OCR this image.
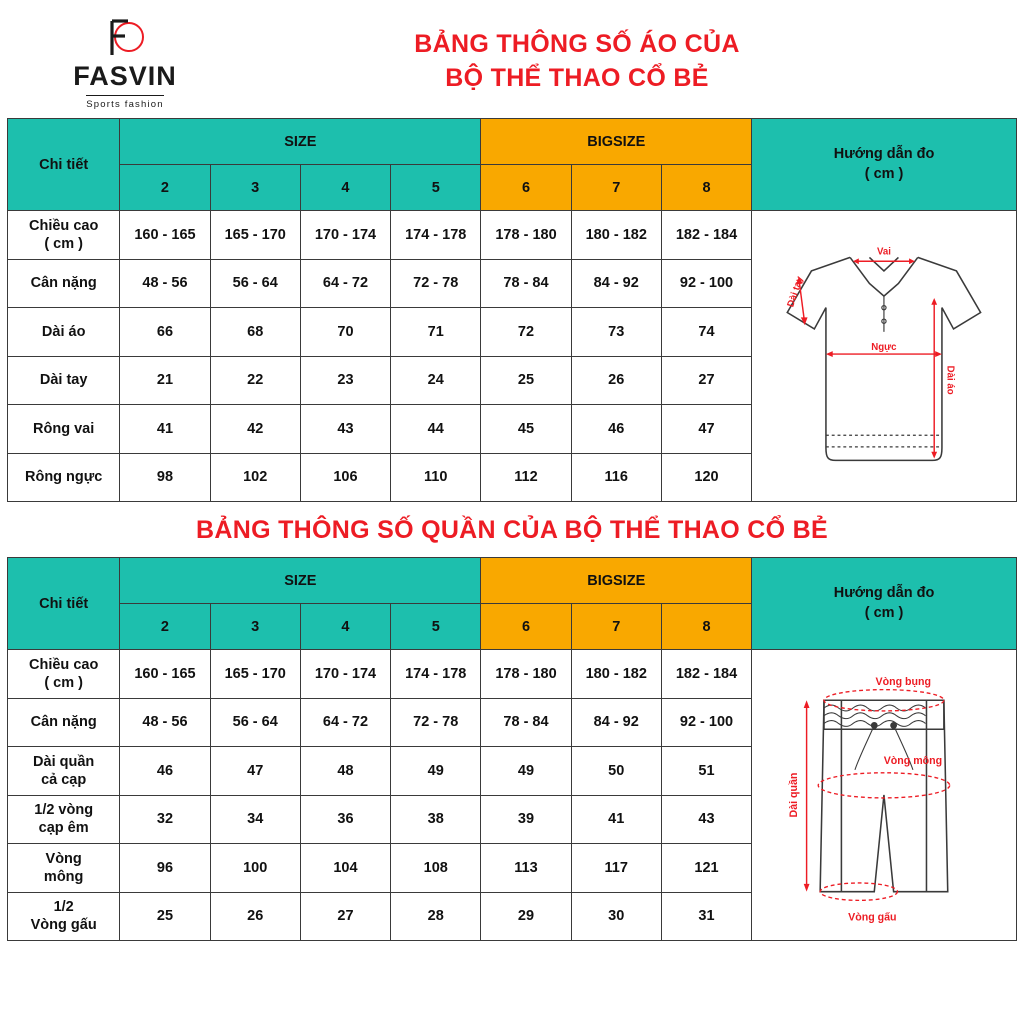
FASVIN
Sports fashion
BẢNG THÔNG SỐ ÁO CỦA
BỘ THỂ THAO CỔ BẺ
Chi tiết	SIZE				BIGSIZE			Hướng dẫn đo
( cm )

	2	3	4	5	6	7	8	

Chiều cao
( cm )
	160 - 165	165 - 170	170 - 174	174 - 178	178 - 180	180 - 182	182 - 184	
Dài tay
Vai
Ngực
Dài áo

Cân nặng	48 - 56	56 - 64	64 - 72	72 - 78	78 - 84	84 - 92	92 - 100	

Dài áo	66	68	70	71	72	73	74	

Dài tay	21	22	23	24	25	26	27	

Rông vai	41	42	43	44	45	46	47	

Rông ngực	98	102	106	110	112	116	120	
BẢNG THÔNG SỐ QUẦN CỦA BỘ THỂ THAO CỔ BẺ
Chi tiết	SIZE				BIGSIZE			Hướng dẫn đo
( cm )

	2	3	4	5	6	7	8	

Chiều cao
( cm )
	160 - 165	165 - 170	170 - 174	174 - 178	178 - 180	180 - 182	182 - 184	
Vòng bụng
Vòng mông
Dài quần
Vòng gấu

Cân nặng	48 - 56	56 - 64	64 - 72	72 - 78	78 - 84	84 - 92	92 - 100	

Dài quần
cả cạp	46	47	48	49	49	50	51	

1/2 vòng
cạp êm	32	34	36	38	39	41	43	

Vòng
mông	96	100	104	108	113	117	121	

1/2
Vòng gấu	25	26	27	28	29	30	31	
